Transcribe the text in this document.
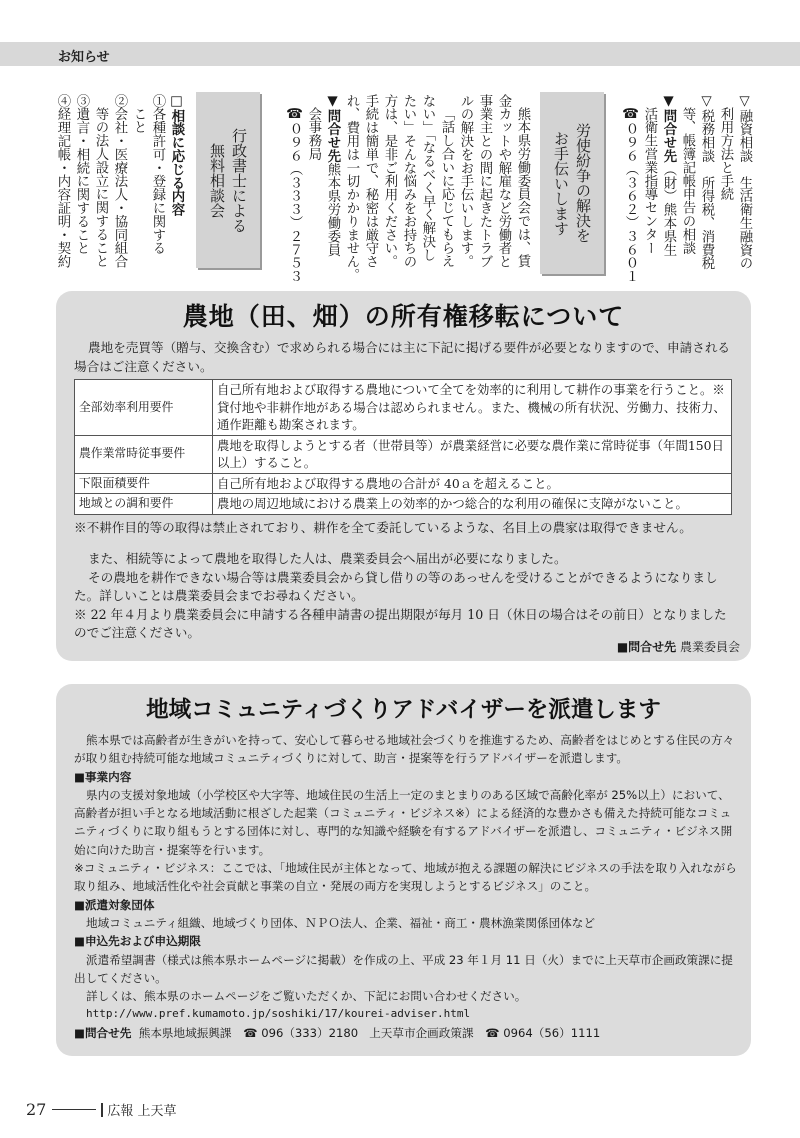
お知らせ

▽融資相談　生活衛生融資の

利用方法と手続

▽税務相談　所得税、消費税

等、帳簿記帳申告の相談

▼問合せ先（財）熊本県生

活衛生営業指導センター

☎０９６（３６２）３６０１

労使紛争の解決を
お手伝いします

熊本県労働委員会では、賃

金カットや解雇など労働者と

事業主との間に起きたトラブ

ルの解決をお手伝いします。

「話し合いに応じてもらえ

ない」「なるべく早く解決し

たい」そんな悩みをお持ちの

方は、是非ご利用ください。

手続は簡単で、秘密は厳守さ

れ、費用は一切かかりません。

▼問合せ先熊本県労働委員

会事務局

☎０９６（３３３）２７５３

行政書士による
無料相談会

□相談に応じる内容

①各種許可・登録に関する

こと

②会社・医療法人・協同組合

等の法人設立に関すること

③遺言・相続に関すること

④経理記帳・内容証明・契約

農地（田、畑）の所有権移転について
農地を売買等（贈与、交換含む）で求められる場合には主に下記に掲げる要件が必要となりますので、申請される場合はご注意ください。
全部効率利用要件	自己所有地および取得する農地について全てを効率的に利用して耕作の事業を行うこと。※貸付地や非耕作地がある場合は認められません。また、機械の所有状況、労働力、技術力、通作距離も勘案されます。
農作業常時従事要件	農地を取得しようとする者（世帯員等）が農業経営に必要な農作業に常時従事（年間150日以上）すること。
下限面積要件	自己所有地および取得する農地の合計が 40ａを超えること。
地域との調和要件	農地の周辺地域における農業上の効率的かつ総合的な利用の確保に支障がないこと。
※不耕作目的等の取得は禁止されており、耕作を全て委託しているような、名目上の農家は取得できません。

また、相続等によって農地を取得した人は、農業委員会へ届出が必要になりました。

その農地を耕作できない場合等は農業委員会から貸し借りの等のあっせんを受けることができるようになりました。詳しいことは農業委員会までお尋ねください。

※ 22 年４月より農業委員会に申請する各種申請書の提出期限が毎月 10 日（休日の場合はその前日）となりましたのでご注意ください。

■問合せ先 農業委員会
地域コミュニティづくりアドバイザーを派遣します

熊本県では高齢者が生きがいを持って、安心して暮らせる地域社会づくりを推進するため、高齢者をはじめとする住民の方々が取り組む持続可能な地域コミュニティづくりに対して、助言・提案等を行うアドバイザーを派遣します。

■事業内容

県内の支援対象地域（小学校区や大字等、地域住民の生活上一定のまとまりのある区域で高齢化率が 25%以上）において、高齢者が担い手となる地域活動に根ざした起業（コミュニティ・ビジネス※）による経済的な豊かさも備えた持続可能なコミュニティづくりに取り組もうとする団体に対し、専門的な知識や経験を有するアドバイザーを派遣し、コミュニティ・ビジネス開始に向けた助言・提案等を行います。

※コミュニティ・ビジネス：ここでは、「地域住民が主体となって、地域が抱える課題の解決にビジネスの手法を取り入れながら取り組み、地域活性化や社会貢献と事業の自立・発展の両方を実現しようとするビジネス」のこと。

■派遣対象団体

地域コミュニティ組織、地域づくり団体、ＮＰＯ法人、企業、福祉・商工・農林漁業関係団体など

■申込先および申込期限

派遣希望調書（様式は熊本県ホームページに掲載）を作成の上、平成 23 年１月 11 日（火）までに上天草市企画政策課に提出してください。

詳しくは、熊本県のホームページをご覧いただくか、下記にお問い合わせください。

http://www.pref.kumamoto.jp/soshiki/17/kourei-adviser.html

■問合せ先 熊本県地域振興課　☎ 096（333）2180 上天草市企画政策課　☎ 0964（56）1111

27	広報 上天草
